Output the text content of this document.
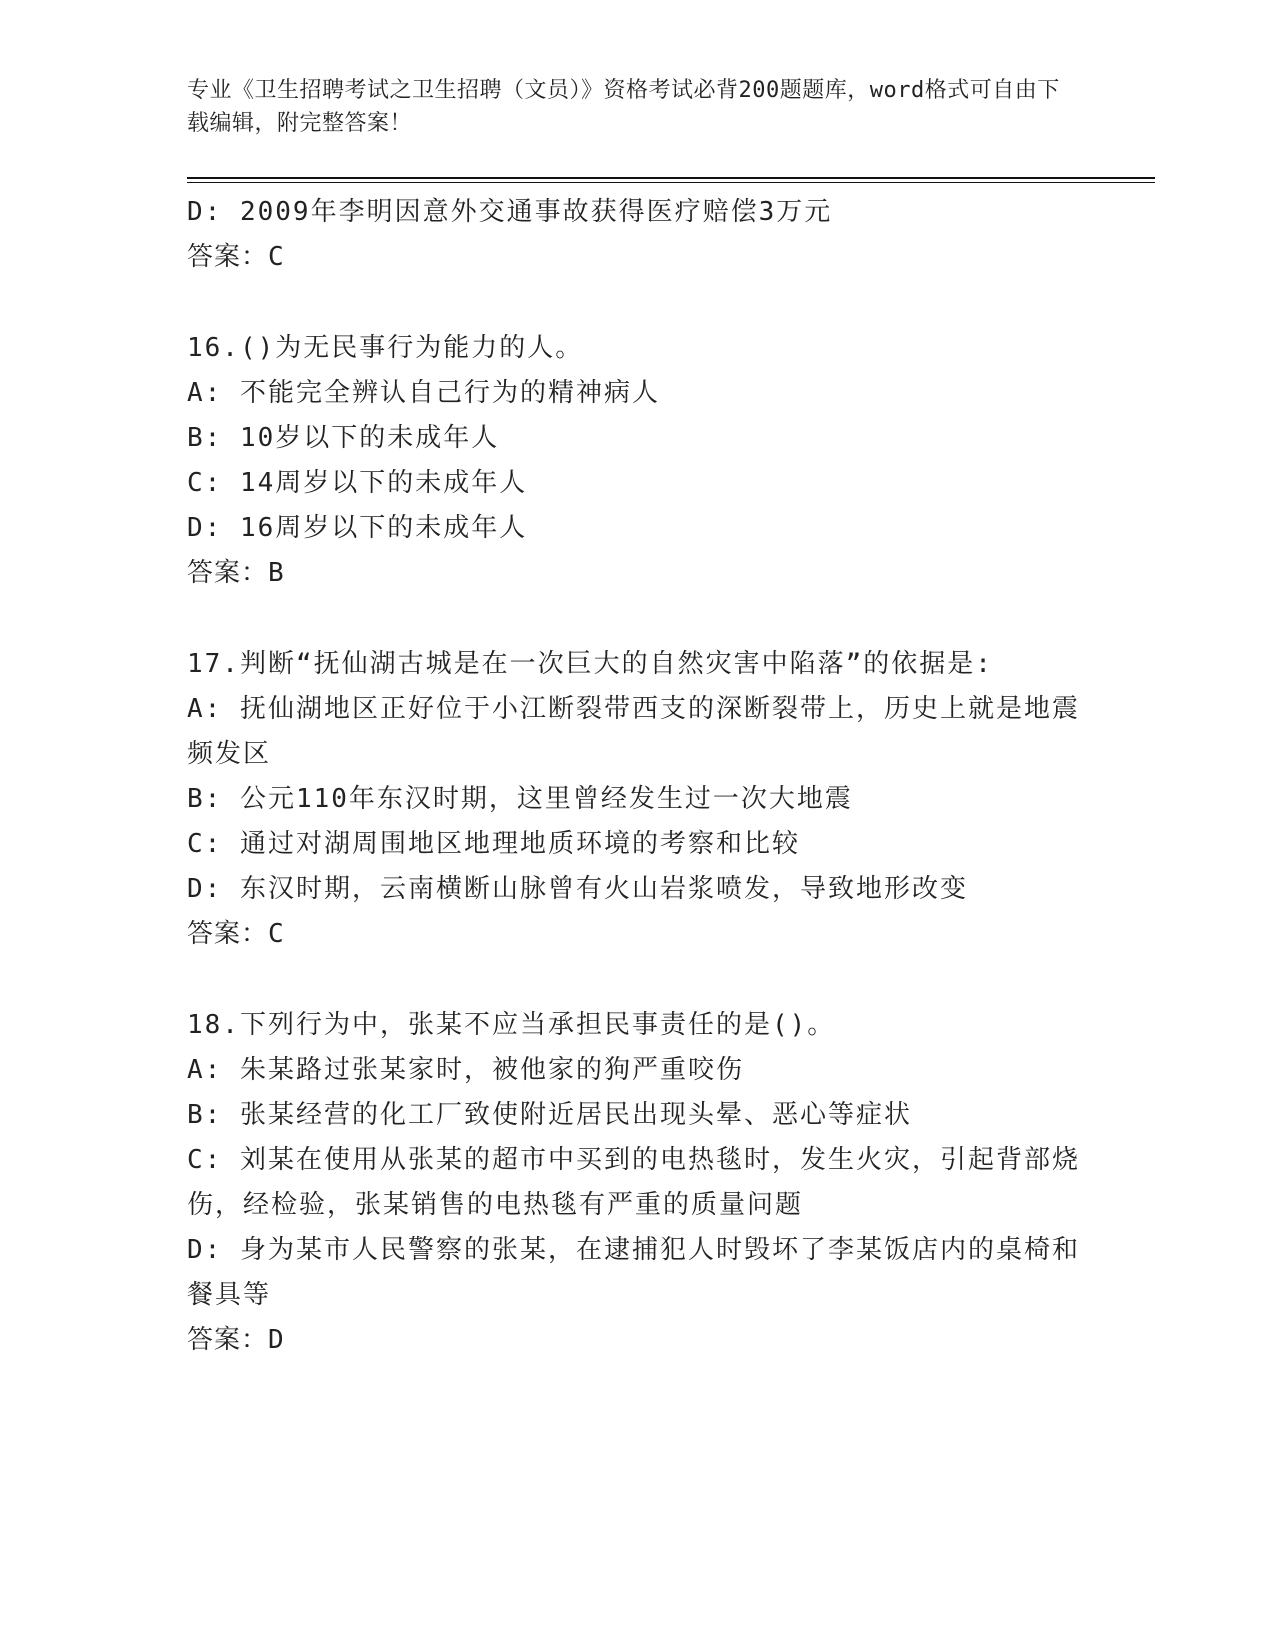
专业《卫生招聘考试之卫生招聘（文员）》资格考试必背200题题库，word格式可自由下载编辑，附完整答案！

D: 2009年李明因意外交通事故获得医疗赔偿3万元

答案：C

16.()为无民事行为能力的人。

A: 不能完全辨认自己行为的精神病人

B: 10岁以下的未成年人

C: 14周岁以下的未成年人

D: 16周岁以下的未成年人

答案：B

17.判断“抚仙湖古城是在一次巨大的自然灾害中陷落”的依据是:

A: 抚仙湖地区正好位于小江断裂带西支的深断裂带上，历史上就是地震频发区

B: 公元110年东汉时期，这里曾经发生过一次大地震

C: 通过对湖周围地区地理地质环境的考察和比较

D: 东汉时期，云南横断山脉曾有火山岩浆喷发，导致地形改变

答案：C

18.下列行为中，张某不应当承担民事责任的是()。

A: 朱某路过张某家时，被他家的狗严重咬伤

B: 张某经营的化工厂致使附近居民出现头晕、恶心等症状

C: 刘某在使用从张某的超市中买到的电热毯时，发生火灾，引起背部烧伤，经检验，张某销售的电热毯有严重的质量问题

D: 身为某市人民警察的张某，在逮捕犯人时毁坏了李某饭店内的桌椅和餐具等

答案：D
